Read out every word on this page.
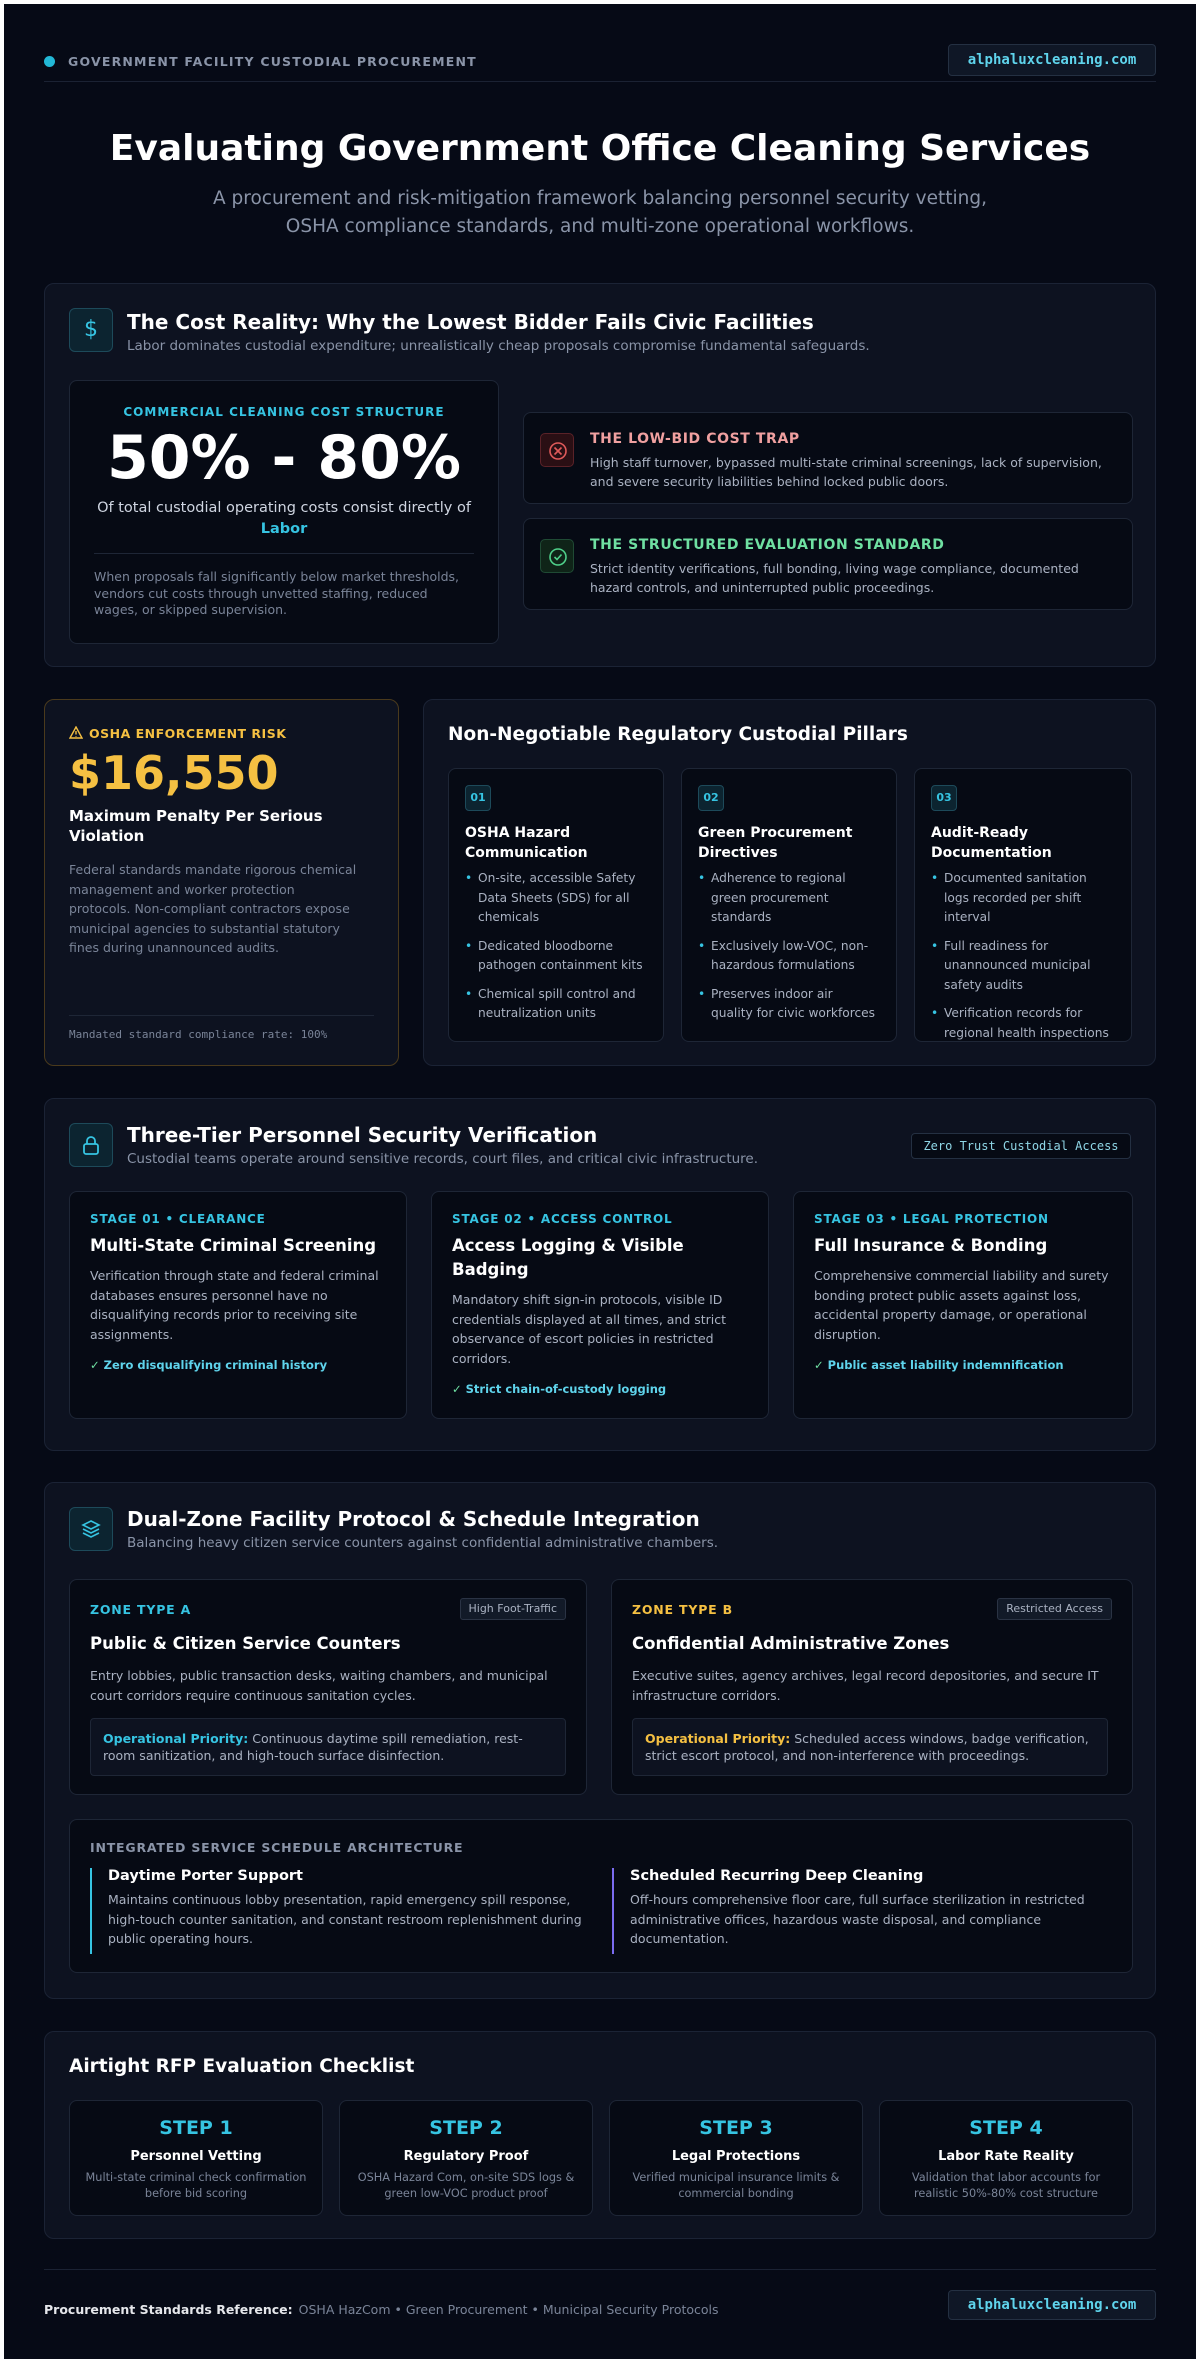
GOVERNMENT FACILITY CUSTODIAL PROCUREMENT	alphaluxcleaning.com
Evaluating Government Office Cleaning Services
A procurement and risk-mitigation framework balancing personnel security vetting, OSHA compliance standards, and multi-zone operational workflows.
$	The Cost Reality: Why the Lowest Bidder Fails Civic Facilities
Labor dominates custodial expenditure; unrealistically cheap proposals compromise fundamental safeguards.
COMMERCIAL CLEANING COST STRUCTURE
50% - 80%
Of total custodial operating costs consist directly of
Labor
When proposals fall significantly below market thresholds, vendors cut costs through unvetted staffing, reduced wages, or skipped supervision.
THE LOW-BID COST TRAP
High staff turnover, bypassed multi-state criminal screenings, lack of supervision, and severe security liabilities behind locked public doors.
THE STRUCTURED EVALUATION STANDARD
Strict identity verifications, full bonding, living wage compliance, documented hazard controls, and uninterrupted public proceedings.
OSHA ENFORCEMENT RISK
$16,550
Maximum Penalty Per Serious Violation
Federal standards mandate rigorous chemical management and worker protection protocols. Non-compliant contractors expose municipal agencies to substantial statutory fines during unannounced audits.
Mandated standard compliance rate: 100%
Non-Negotiable Regulatory Custodial Pillars
01
OSHA Hazard Communication
• On-site, accessible Safety Data Sheets (SDS) for all chemicals
• Dedicated bloodborne pathogen containment kits
• Chemical spill control and neutralization units
02
Green Procurement Directives
• Adherence to regional green procurement standards
• Exclusively low-VOC, non-hazardous formulations
• Preserves indoor air quality for civic workforces
03
Audit-Ready Documentation
• Documented sanitation logs recorded per shift interval
• Full readiness for unannounced municipal safety audits
• Verification records for regional health inspections
Three-Tier Personnel Security Verification
Custodial teams operate around sensitive records, court files, and critical civic infrastructure.
Zero Trust Custodial Access
STAGE 01 • CLEARANCE
Multi-State Criminal Screening
Verification through state and federal criminal databases ensures personnel have no disqualifying records prior to receiving site assignments.
✓ Zero disqualifying criminal history
STAGE 02 • ACCESS CONTROL
Access Logging & Visible Badging
Mandatory shift sign-in protocols, visible ID credentials displayed at all times, and strict observance of escort policies in restricted corridors.
✓ Strict chain-of-custody logging
STAGE 03 • LEGAL PROTECTION
Full Insurance & Bonding
Comprehensive commercial liability and surety bonding protect public assets against loss, accidental property damage, or operational disruption.
✓ Public asset liability indemnification
Dual-Zone Facility Protocol & Schedule Integration
Balancing heavy citizen service counters against confidential administrative chambers.
ZONE TYPE A	High Foot-Traffic
Public & Citizen Service Counters
Entry lobbies, public transaction desks, waiting chambers, and municipal court corridors require continuous sanitation cycles.
Operational Priority: Continuous daytime spill remediation, rest-room sanitization, and high-touch surface disinfection.
ZONE TYPE B	Restricted Access
Confidential Administrative Zones
Executive suites, agency archives, legal record depositories, and secure IT infrastructure corridors.
Operational Priority: Scheduled access windows, badge verification, strict escort protocol, and non-interference with proceedings.
INTEGRATED SERVICE SCHEDULE ARCHITECTURE
Daytime Porter Support
Maintains continuous lobby presentation, rapid emergency spill response, high-touch counter sanitation, and constant restroom replenishment during public operating hours.
Scheduled Recurring Deep Cleaning
Off-hours comprehensive floor care, full surface sterilization in restricted administrative offices, hazardous waste disposal, and compliance documentation.
Airtight RFP Evaluation Checklist
STEP 1
Personnel Vetting
Multi-state criminal check confirmation before bid scoring
STEP 2
Regulatory Proof
OSHA Hazard Com, on-site SDS logs & green low-VOC product proof
STEP 3
Legal Protections
Verified municipal insurance limits & commercial bonding
STEP 4
Labor Rate Reality
Validation that labor accounts for realistic 50%-80% cost structure
Procurement Standards Reference: OSHA HazCom • Green Procurement • Municipal Security Protocols	alphaluxcleaning.com
